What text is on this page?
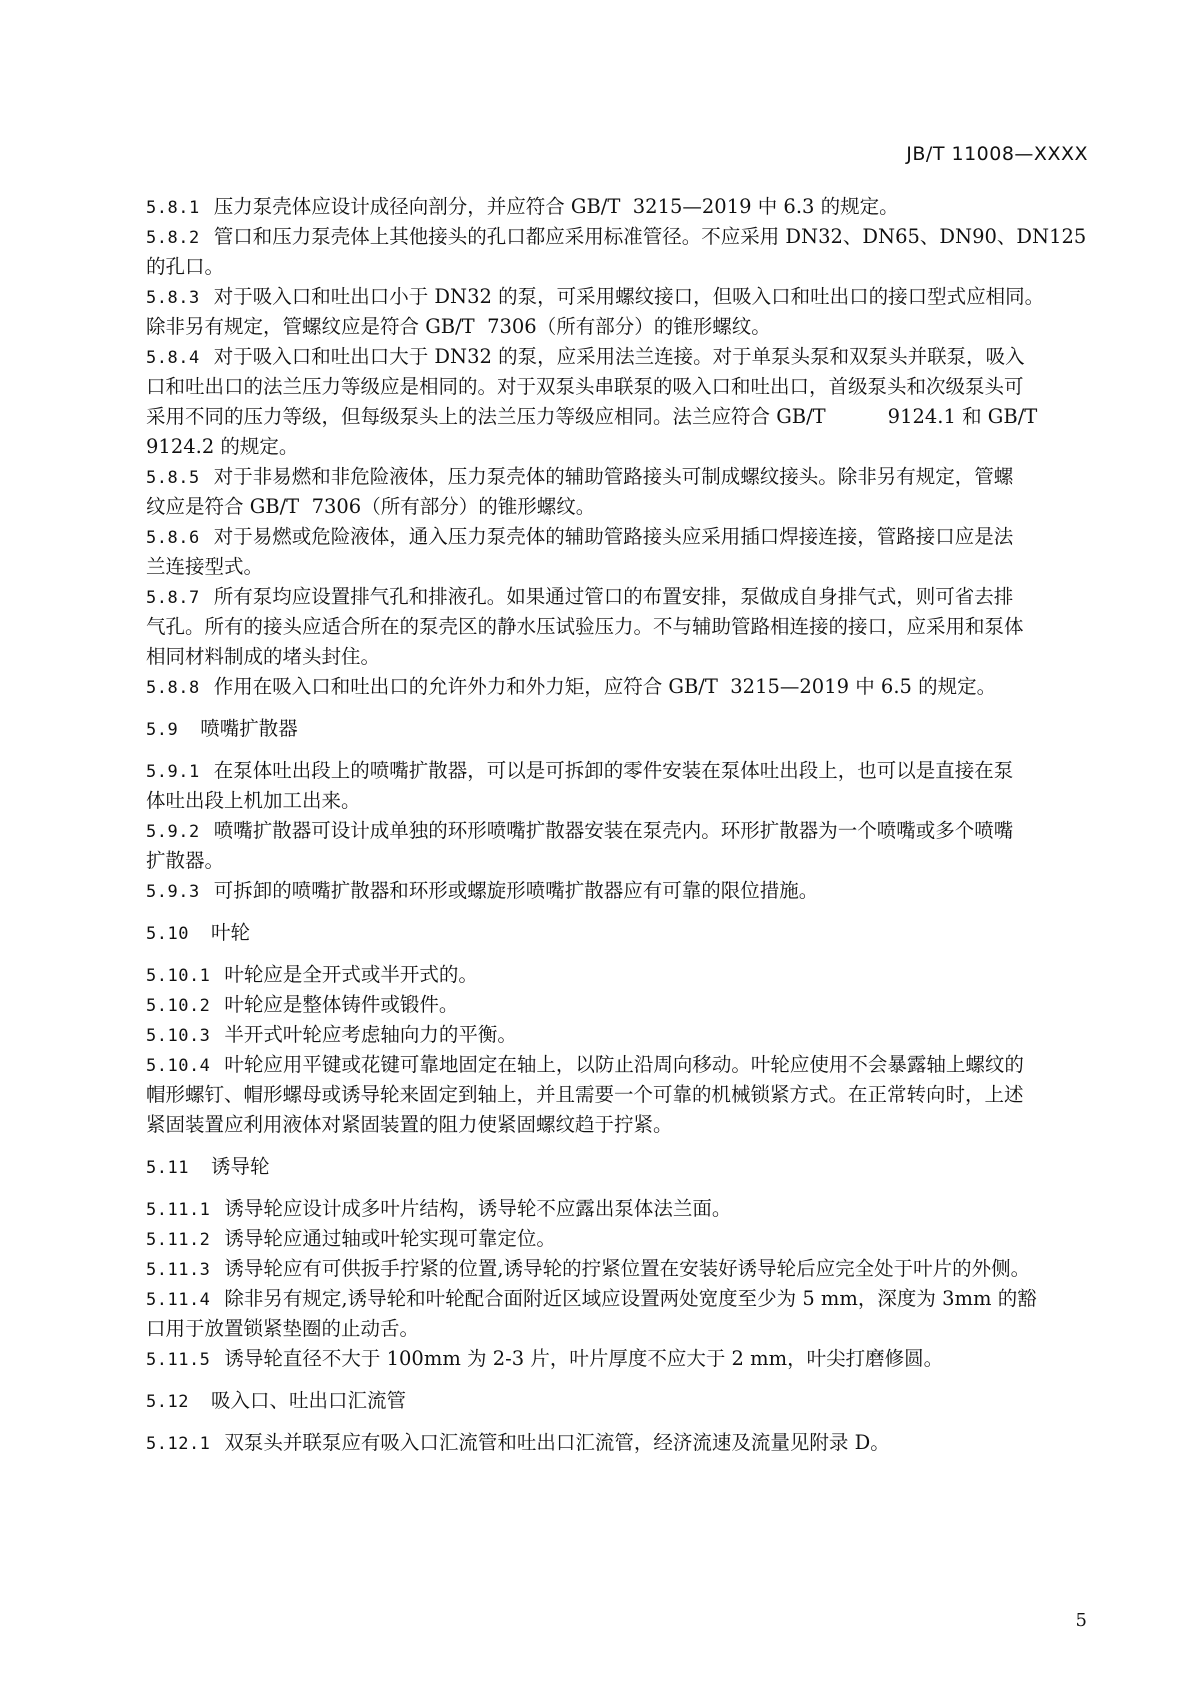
JB/T 11008—XXXX
5.8.1 压力泵壳体应设计成径向剖分，并应符合 GB/T  3215—2019 中 6.3 的规定。
5.8.2 管口和压力泵壳体上其他接头的孔口都应采用标准管径。不应采用 DN32、DN65、DN90、DN125
的孔口。
5.8.3 对于吸入口和吐出口小于 DN32 的泵，可采用螺纹接口，但吸入口和吐出口的接口型式应相同。
除非另有规定，管螺纹应是符合 GB/T  7306（所有部分）的锥形螺纹。
5.8.4 对于吸入口和吐出口大于 DN32 的泵，应采用法兰连接。对于单泵头泵和双泵头并联泵，吸入
口和吐出口的法兰压力等级应是相同的。对于双泵头串联泵的吸入口和吐出口，首级泵头和次级泵头可
采用不同的压力等级，但每级泵头上的法兰压力等级应相同。法兰应符合 GB/T          9124.1 和 GB/T
9124.2 的规定。
5.8.5 对于非易燃和非危险液体，压力泵壳体的辅助管路接头可制成螺纹接头。除非另有规定，管螺
纹应是符合 GB/T  7306（所有部分）的锥形螺纹。
5.8.6 对于易燃或危险液体，通入压力泵壳体的辅助管路接头应采用插口焊接连接，管路接口应是法
兰连接型式。
5.8.7 所有泵均应设置排气孔和排液孔。如果通过管口的布置安排，泵做成自身排气式，则可省去排
气孔。所有的接头应适合所在的泵壳区的静水压试验压力。不与辅助管路相连接的接口，应采用和泵体
相同材料制成的堵头封住。
5.8.8 作用在吸入口和吐出口的允许外力和外力矩，应符合 GB/T  3215—2019 中 6.5 的规定。
5.9 喷嘴扩散器
5.9.1 在泵体吐出段上的喷嘴扩散器，可以是可拆卸的零件安装在泵体吐出段上，也可以是直接在泵
体吐出段上机加工出来。
5.9.2 喷嘴扩散器可设计成单独的环形喷嘴扩散器安装在泵壳内。环形扩散器为一个喷嘴或多个喷嘴
扩散器。
5.9.3 可拆卸的喷嘴扩散器和环形或螺旋形喷嘴扩散器应有可靠的限位措施。
5.10 叶轮
5.10.1 叶轮应是全开式或半开式的。
5.10.2 叶轮应是整体铸件或锻件。
5.10.3 半开式叶轮应考虑轴向力的平衡。
5.10.4 叶轮应用平键或花键可靠地固定在轴上，以防止沿周向移动。叶轮应使用不会暴露轴上螺纹的
帽形螺钉、帽形螺母或诱导轮来固定到轴上，并且需要一个可靠的机械锁紧方式。在正常转向时，上述
紧固装置应利用液体对紧固装置的阻力使紧固螺纹趋于拧紧。
5.11 诱导轮
5.11.1 诱导轮应设计成多叶片结构，诱导轮不应露出泵体法兰面。
5.11.2 诱导轮应通过轴或叶轮实现可靠定位。
5.11.3 诱导轮应有可供扳手拧紧的位置,诱导轮的拧紧位置在安装好诱导轮后应完全处于叶片的外侧。
5.11.4 除非另有规定,诱导轮和叶轮配合面附近区域应设置两处宽度至少为 5 mm，深度为 3mm 的豁
口用于放置锁紧垫圈的止动舌。
5.11.5 诱导轮直径不大于 100mm 为 2-3 片，叶片厚度不应大于 2 mm，叶尖打磨修圆。
5.12 吸入口、吐出口汇流管
5.12.1 双泵头并联泵应有吸入口汇流管和吐出口汇流管，经济流速及流量见附录 D。
5
